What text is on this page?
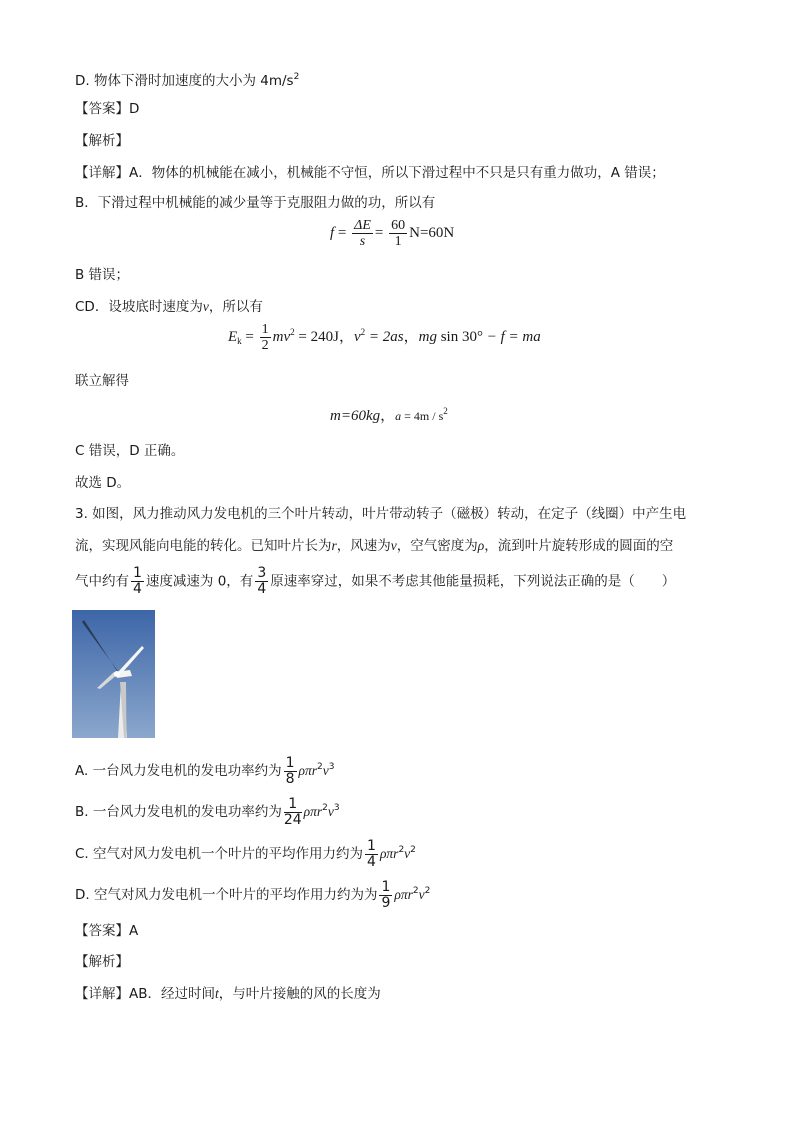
D. 物体下滑时加速度的大小为 $4m/s^2$
【答案】D
【解析】
【详解】A．物体的机械能在减小，机械能不守恒，所以下滑过程中不只是只有重力做功，A 错误；
B．下滑过程中机械能的减少量等于克服阻力做的功，所以有
$f = \frac{\Delta E}{s} = \frac{60}{1} N=60N$
B 错误；
CD．设坡底时速度为v，所以有
$E_k = \frac{1}{2} mv^2 = 240J$，$v^2 = 2as$，mg sin 30° − f = ma
联立解得
m=60kg，$a = 4m / s^2$
C 错误，D 正确。
故选 D。
3. 如图，风力推动风力发电机的三个叶片转动，叶片带动转子（磁极）转动，在定子（线圈）中产生电
流，实现风能向电能的转化。已知叶片长为r，风速为v，空气密度为ρ，流到叶片旋转形成的圆面的空
气中约有 $\frac{1}{4}$ 速度减速为 0，有 $\frac{3}{4}$ 原速率穿过，如果不考虑其他能量损耗，下列说法正确的是（　　）
A. 一台风力发电机的发电功率约为 $\frac{1}{8} \rho\pi r^2v^3$
B. 一台风力发电机的发电功率约为 $\frac{1}{24} \rho\pi r^2v^3$
C. 空气对风力发电机一个叶片的平均作用力约为 $\frac{1}{4} \rho\pi r^2v^2$
D. 空气对风力发电机一个叶片的平均作用力约为为 $\frac{1}{9} \rho\pi r^2v^2$
【答案】A
【解析】
【详解】AB．经过时间t，与叶片接触的风的长度为
